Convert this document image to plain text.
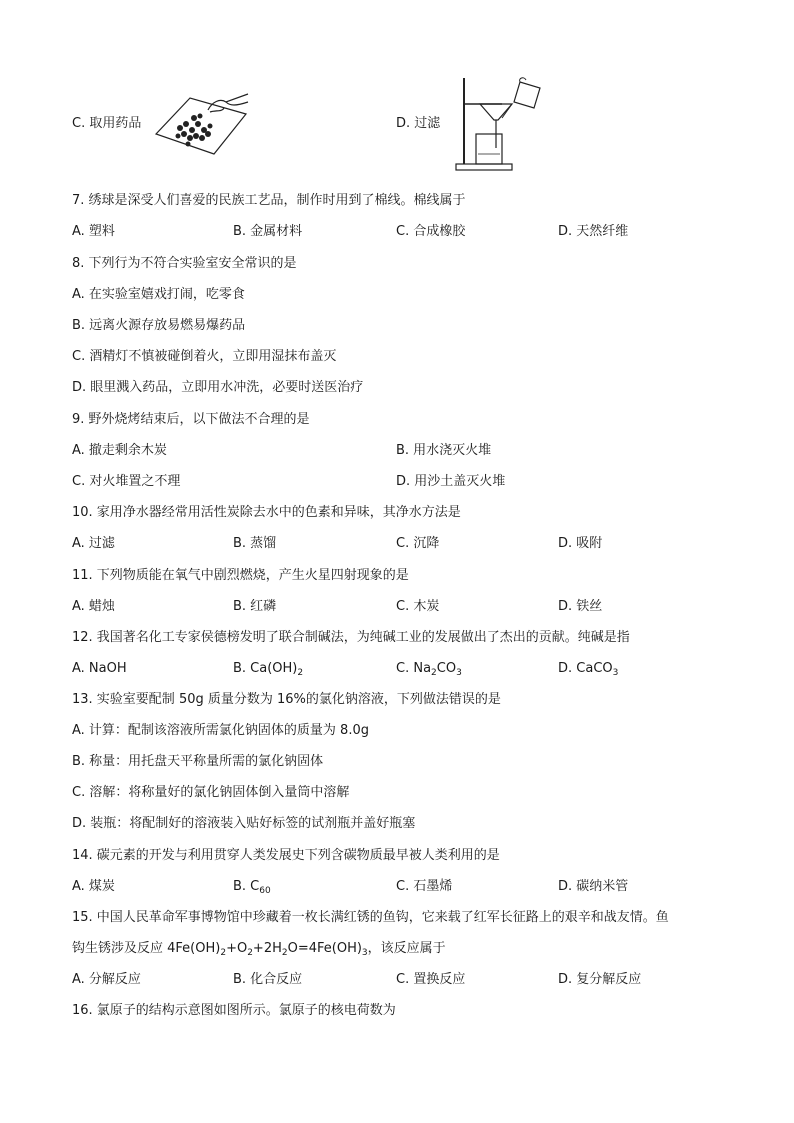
C. 取用药品	D. 过滤
7. 绣球是深受人们喜爱的民族工艺品，制作时用到了棉线。棉线属于
A. 塑料	B. 金属材料	C. 合成橡胶	D. 天然纤维
8. 下列行为不符合实验室安全常识的是
A. 在实验室嬉戏打闹，吃零食
B. 远离火源存放易燃易爆药品
C. 酒精灯不慎被碰倒着火，立即用湿抹布盖灭
D. 眼里溅入药品，立即用水冲洗，必要时送医治疗
9. 野外烧烤结束后，以下做法不合理的是
A. 撤走剩余木炭	B. 用水浇灭火堆
C. 对火堆置之不理	D. 用沙土盖灭火堆
10. 家用净水器经常用活性炭除去水中的色素和异味，其净水方法是
A. 过滤	B. 蒸馏	C. 沉降	D. 吸附
11. 下列物质能在氧气中剧烈燃烧，产生火星四射现象的是
A. 蜡烛	B. 红磷	C. 木炭	D. 铁丝
12. 我国著名化工专家侯德榜发明了联合制碱法，为纯碱工业的发展做出了杰出的贡献。纯碱是指
A. NaOH	B. $Ca(OH)_2$	C. $Na_2CO_3$	D. CaCO$_3$
13. 实验室要配制 50g 质量分数为 16%的氯化钠溶液，下列做法错误的是
A. 计算：配制该溶液所需氯化钠固体的质量为 8.0g
B. 称量：用托盘天平称量所需的氯化钠固体
C. 溶解：将称量好的氯化钠固体倒入量筒中溶解
D. 装瓶：将配制好的溶液装入贴好标签的试剂瓶并盖好瓶塞
14. 碳元素的开发与利用贯穿人类发展史下列含碳物质最早被人类利用的是
A. 煤炭	B. $C_{60}$	C. 石墨烯	D. 碳纳米管
15. 中国人民革命军事博物馆中珍藏着一枚长满红锈的鱼钩，它来载了红军长征路上的艰辛和战友情。鱼
钩生锈涉及反应 $4Fe(OH)_2+O_2+2H_2O=4Fe(OH)_3$，该反应属于
A. 分解反应	B. 化合反应	C. 置换反应	D. 复分解反应
16. 氯原子的结构示意图如图所示。氯原子的核电荷数为
